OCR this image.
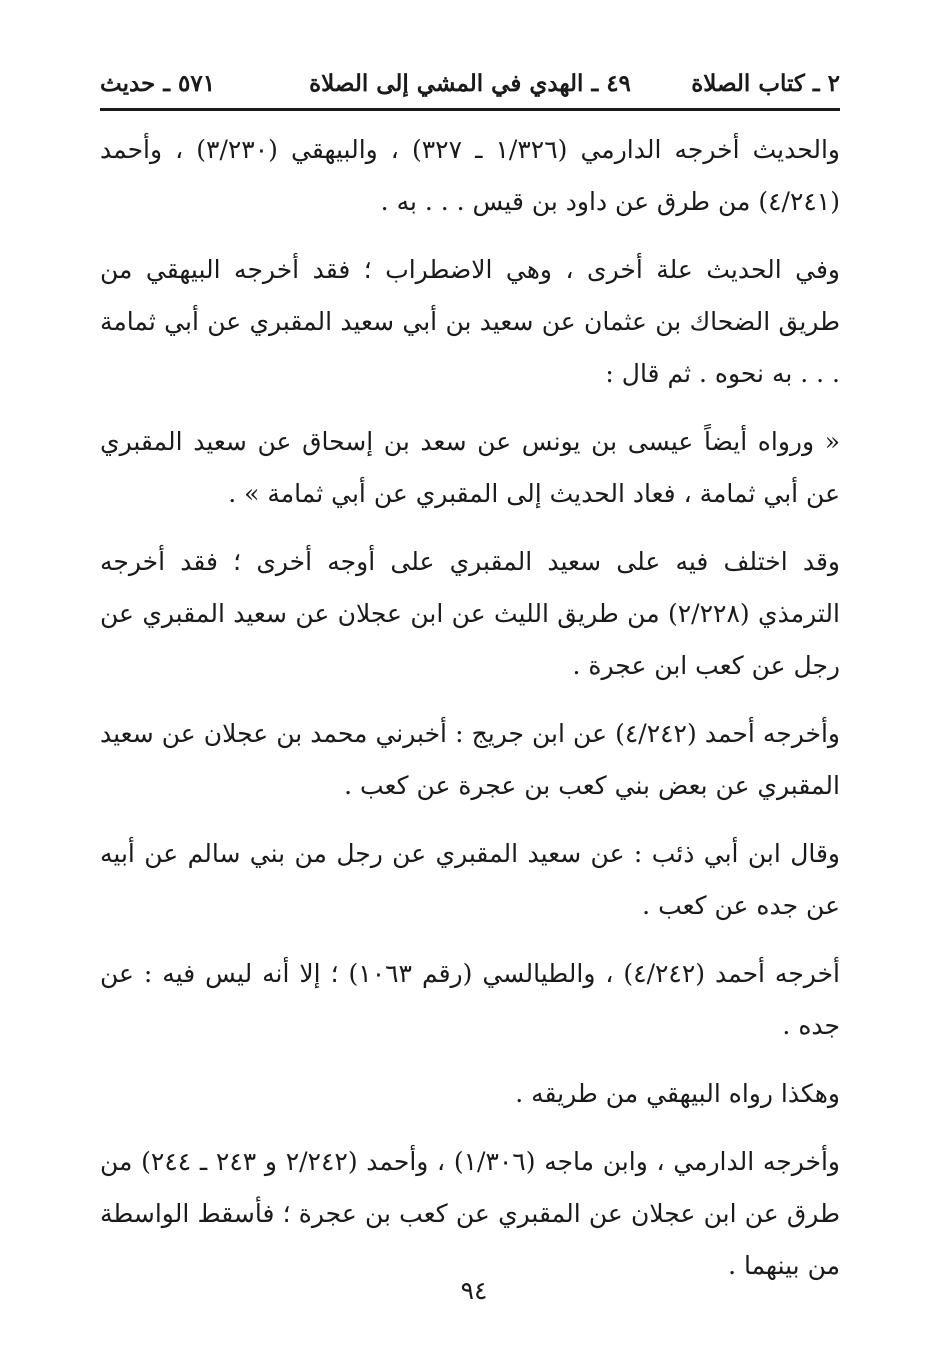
٢ ـ كتاب الصلاة
٤٩ ـ الهدي في المشي إلى الصلاة
٥٧١ ـ حديث

والحديث أخرجه الدارمي (١/٣٢٦ ـ ٣٢٧) ، والبيهقي (٣/٢٣٠) ، وأحمد (٤/٢٤١) من طرق عن داود بن قيس . . . به .

وفي الحديث علة أخرى ، وهي الاضطراب ؛ فقد أخرجه البيهقي من طريق الضحاك بن عثمان عن سعيد بن أبي سعيد المقبري عن أبي ثمامة . . . به نحوه . ثم قال :

« ورواه أيضاً عيسى بن يونس عن سعد بن إسحاق عن سعيد المقبري عن أبي ثمامة ، فعاد الحديث إلى المقبري عن أبي ثمامة » .

وقد اختلف فيه على سعيد المقبري على أوجه أخرى ؛ فقد أخرجه الترمذي (٢/٢٢٨) من طريق الليث عن ابن عجلان عن سعيد المقبري عن رجل عن كعب ابن عجرة .

وأخرجه أحمد (٤/٢٤٢) عن ابن جريج : أخبرني محمد بن عجلان عن سعيد المقبري عن بعض بني كعب بن عجرة عن كعب .

وقال ابن أبي ذئب : عن سعيد المقبري عن رجل من بني سالم عن أبيه عن جده عن كعب .

أخرجه أحمد (٤/٢٤٢) ، والطيالسي (رقم ١٠٦٣) ؛ إلا أنه ليس فيه : عن جده .

وهكذا رواه البيهقي من طريقه .

وأخرجه الدارمي ، وابن ماجه (١/٣٠٦) ، وأحمد (٢/٢٤٢ و ٢٤٣ ـ ٢٤٤) من طرق عن ابن عجلان عن المقبري عن كعب بن عجرة ؛ فأسقط الواسطة من بينهما .

٩٤
